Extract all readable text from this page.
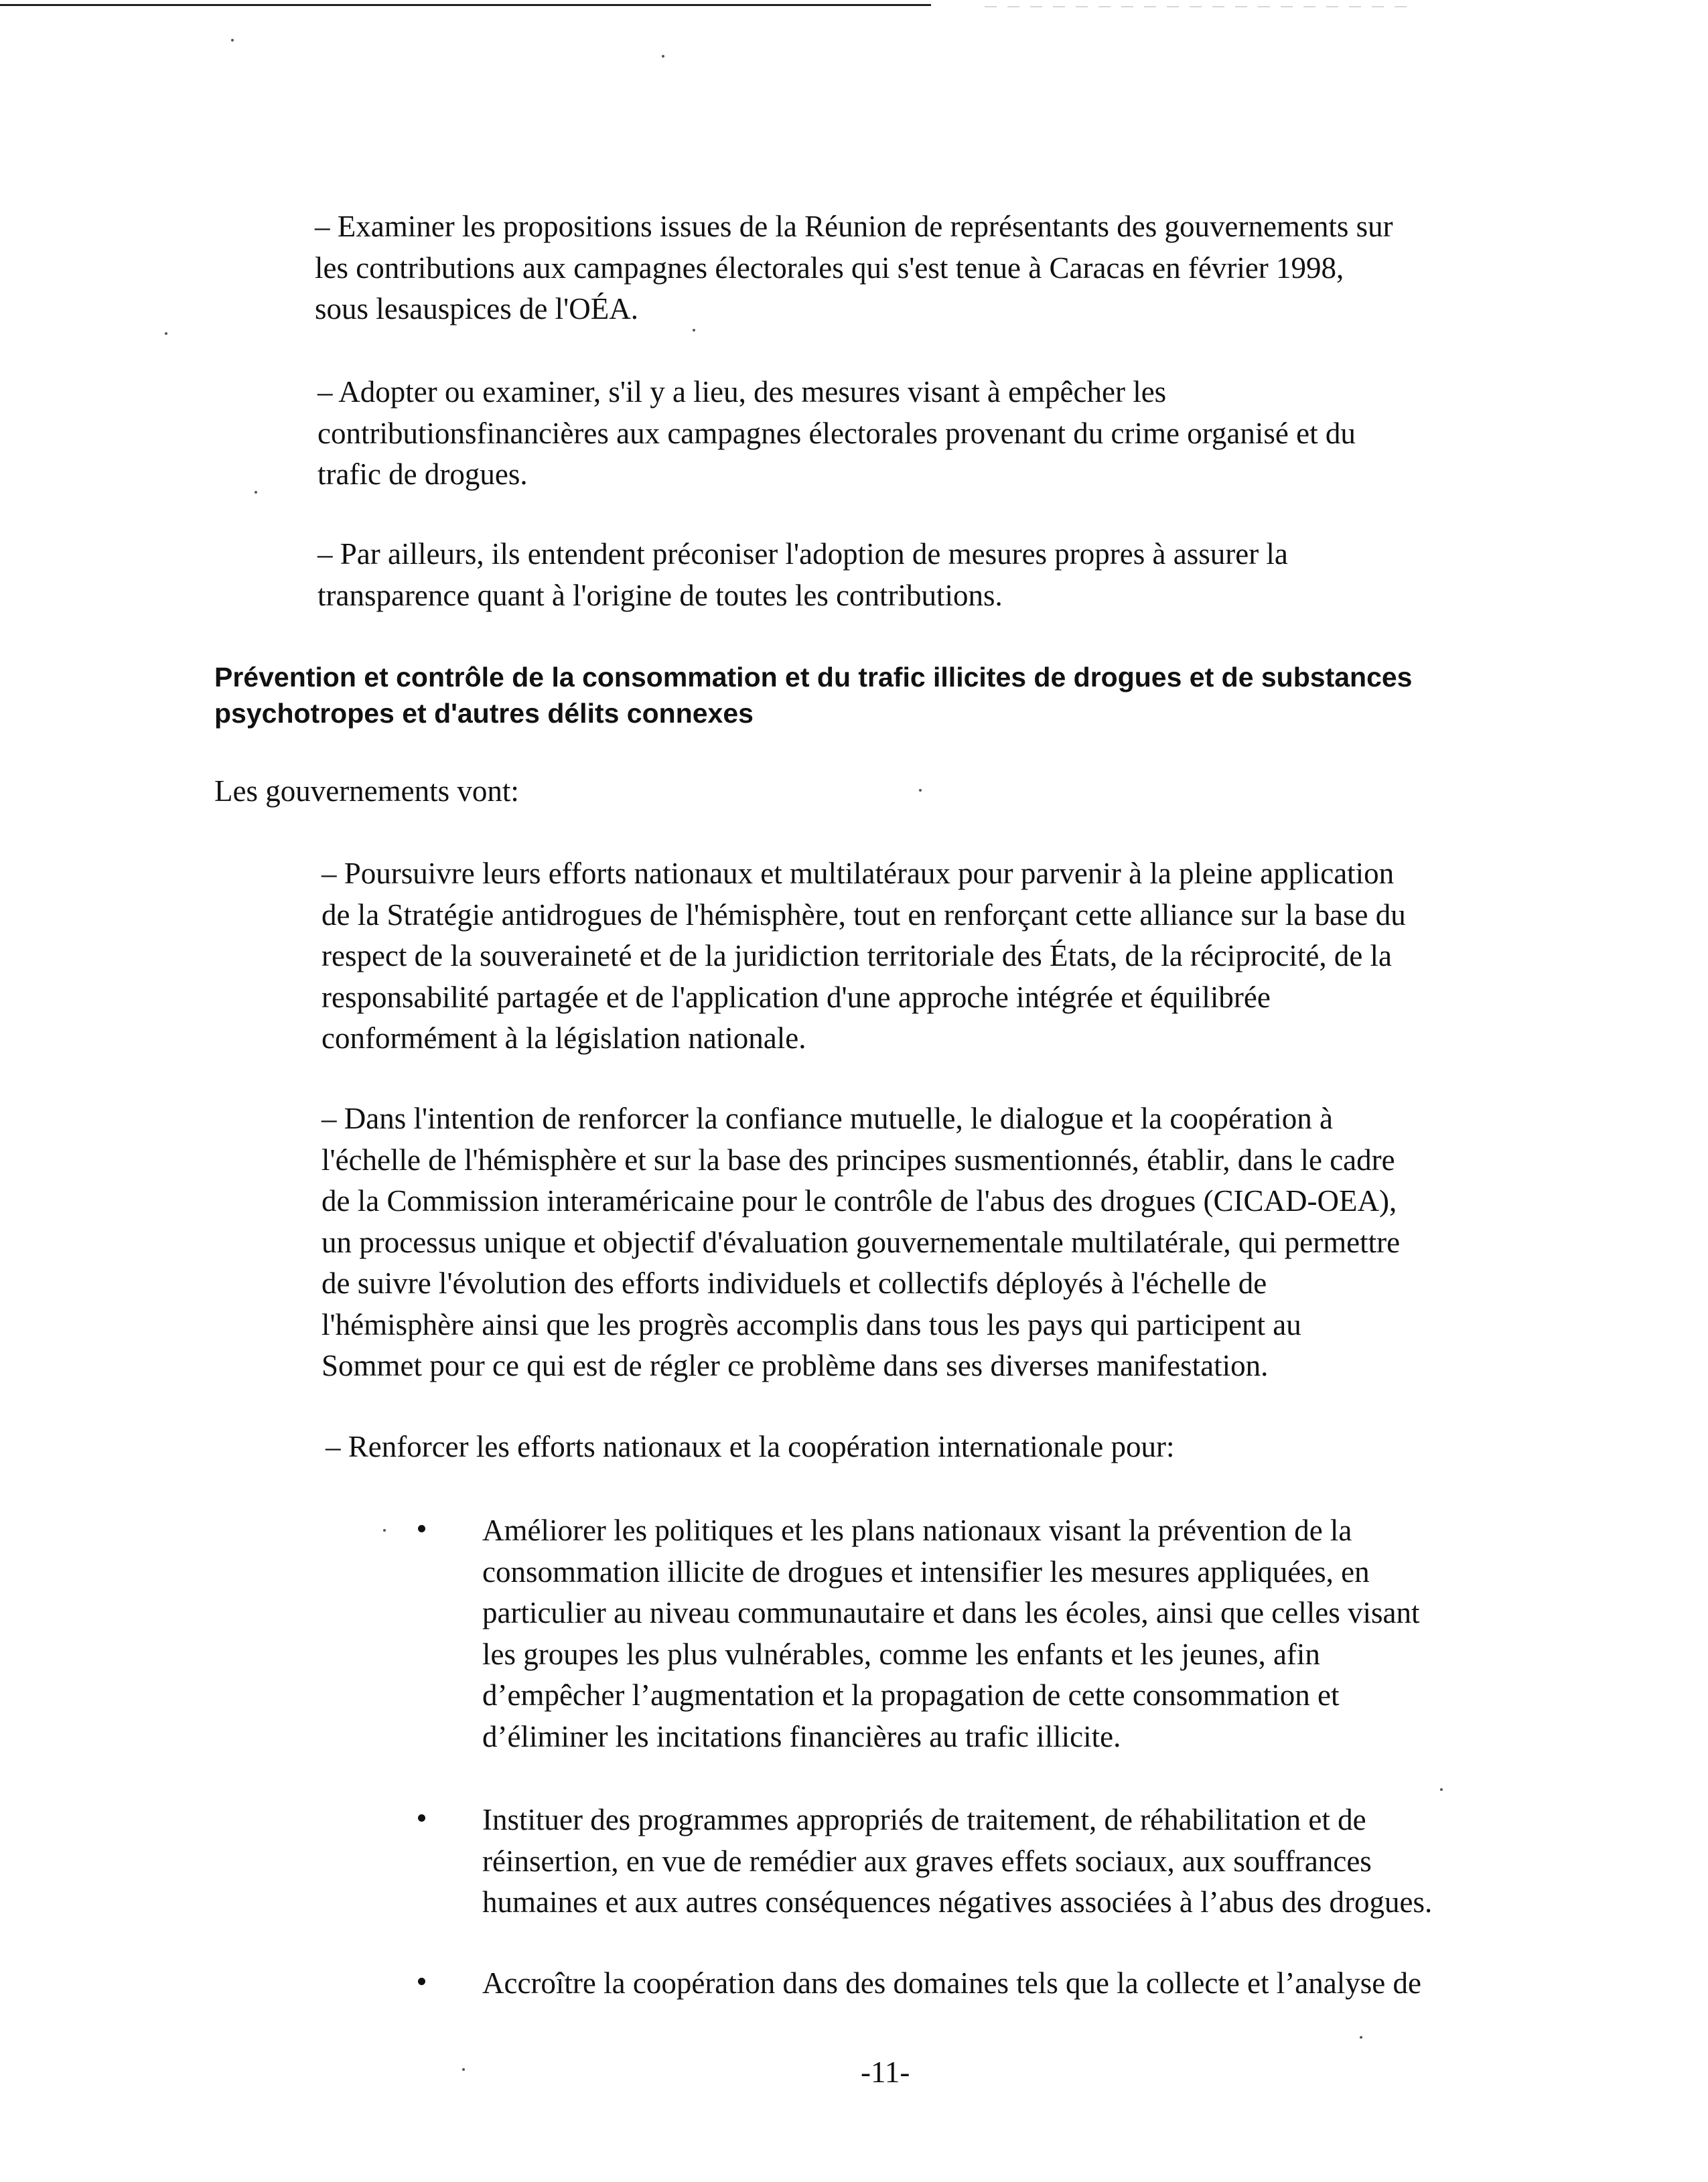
– Examiner les propositions issues de la Réunion de représentants des gouvernements sur
les contributions aux campagnes électorales qui s'est tenue à Caracas en février 1998,
sous lesauspices de l'OÉA.

– Adopter ou examiner, s'il y a lieu, des mesures visant à empêcher les
contributionsfinancières aux campagnes électorales provenant du crime organisé et du
trafic de drogues.

– Par ailleurs, ils entendent préconiser l'adoption de mesures propres à assurer la
transparence quant à l'origine de toutes les contributions.

Prévention et contrôle de la consommation et du trafic illicites de drogues et de substances
psychotropes et d'autres délits connexes

Les gouvernements vont:

– Poursuivre leurs efforts nationaux et multilatéraux pour parvenir à la pleine application
de la Stratégie antidrogues de l'hémisphère, tout en renforçant cette alliance sur la base du
respect de la souveraineté et de la juridiction territoriale des États, de la réciprocité, de la
responsabilité partagée et de l'application d'une approche intégrée et équilibrée
conformément à la législation nationale.

– Dans l'intention de renforcer la confiance mutuelle, le dialogue et la coopération à
l'échelle de l'hémisphère et sur la base des principes susmentionnés, établir, dans le cadre
de la Commission interaméricaine pour le contrôle de l'abus des drogues (CICAD-OEA),
un processus unique et objectif d'évaluation gouvernementale multilatérale, qui permettre
de suivre l'évolution des efforts individuels et collectifs déployés à l'échelle de
l'hémisphère ainsi que les progrès accomplis dans tous les pays qui participent au
Sommet pour ce qui est de régler ce problème dans ses diverses manifestation.

– Renforcer les efforts nationaux et la coopération internationale pour:

Améliorer les politiques et les plans nationaux visant la prévention de la
consommation illicite de drogues et intensifier les mesures appliquées, en
particulier au niveau communautaire et dans les écoles, ainsi que celles visant
les groupes les plus vulnérables, comme les enfants et les jeunes, afin
d’empêcher l’augmentation et la propagation de cette consommation et
d’éliminer les incitations financières au trafic illicite.

Instituer des programmes appropriés de traitement, de réhabilitation et de
réinsertion, en vue de remédier aux graves effets sociaux, aux souffrances
humaines et aux autres conséquences négatives associées à l’abus des drogues.

Accroître la coopération dans des domaines tels que la collecte et l’analyse de

-11-
